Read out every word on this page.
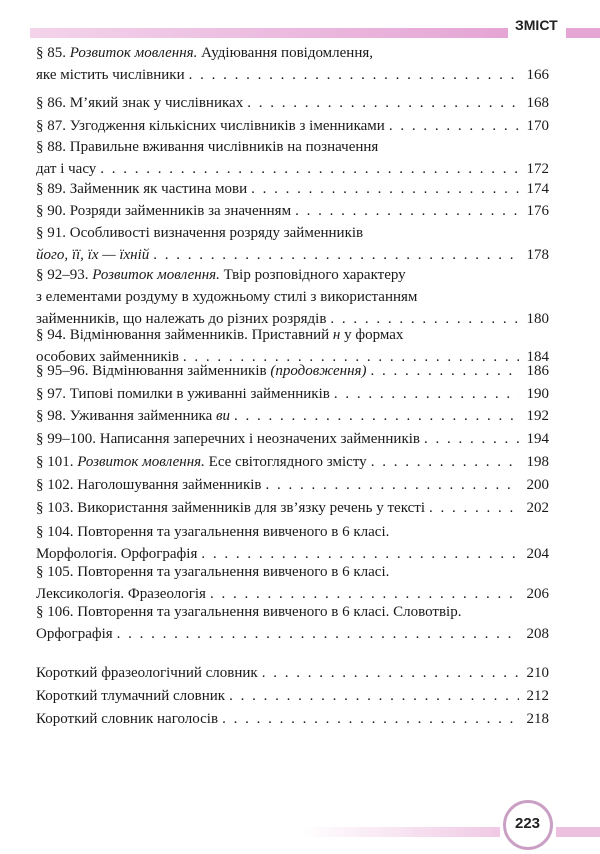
ЗМІСТ
§ 85. Розвиток мовлення. Аудіювання повідомлення,
яке містить числівники . . .	166
§ 86. М’який знак у числівниках . . .	168
§ 87. Узгодження кількісних числівників з іменниками . . .	170
§ 88. Правильне вживання числівників на позначення
дат і часу . . .	172
§ 89. Займенник як частина мови . . .	174
§ 90. Розряди займенників за значенням . . .	176
§ 91. Особливості визначення розряду займенників
його, її, їх — їхній . . .	178
§ 92–93. Розвиток мовлення. Твір розповідного характеру
з елементами роздуму в художньому стилі з використанням
займенників, що належать до різних розрядів . . .	180
§ 94. Відмінювання займенників. Приставний н у формах
особових займенників . . .	184
§ 95–96. Відмінювання займенників (продовження) . . .	186
§ 97. Типові помилки в уживанні займенників . . .	190
§ 98. Уживання займенника ви . . .	192
§ 99–100. Написання заперечних і неозначених займенників . . .	194
§ 101. Розвиток мовлення. Есе світоглядного змісту . . .	198
§ 102. Наголошування займенників . . .	200
§ 103. Використання займенників для зв’язку речень у тексті . . .	202
§ 104. Повторення та узагальнення вивченого в 6 класі.
Морфологія. Орфографія . . .	204
§ 105. Повторення та узагальнення вивченого в 6 класі.
Лексикологія. Фразеологія . . .	206
§ 106. Повторення та узагальнення вивченого в 6 класі. Словотвір.
Орфографія . . .	208
Короткий фразеологічний словник . . .	210
Короткий тлумачний словник . . .	212
Короткий словник наголосів . . .	218
223
